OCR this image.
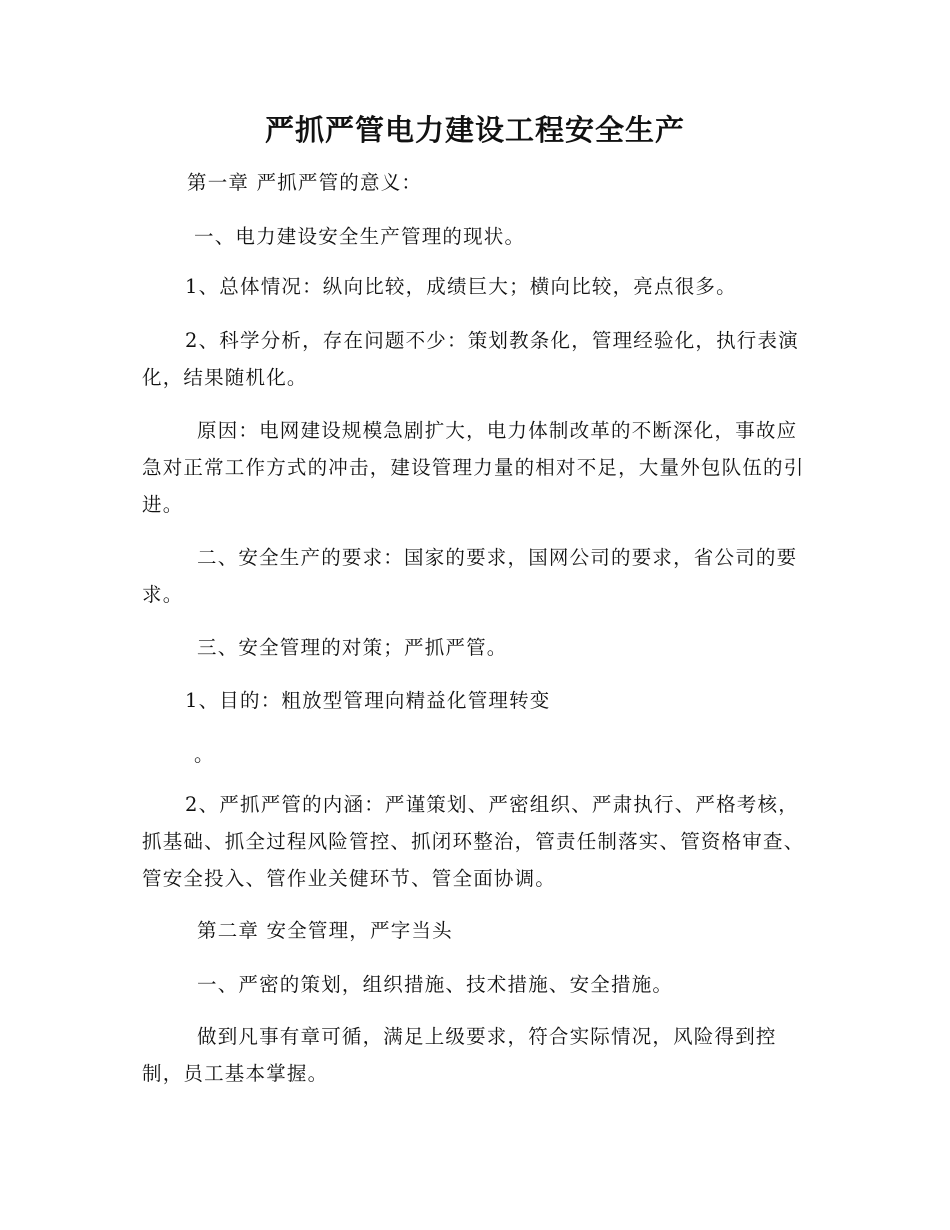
严抓严管电力建设工程安全生产

第一章 严抓严管的意义：

一、电力建设安全生产管理的现状。

1、总体情况：纵向比较，成绩巨大；横向比较，亮点很多。

2、科学分析，存在问题不少：策划教条化，管理经验化，执行表演化，结果随机化。

原因：电网建设规模急剧扩大，电力体制改革的不断深化，事故应急对正常工作方式的冲击，建设管理力量的相对不足，大量外包队伍的引进。

二、安全生产的要求：国家的要求，国网公司的要求，省公司的要求。

三、安全管理的对策；严抓严管。

1、目的：粗放型管理向精益化管理转变

。

2、严抓严管的内涵：严谨策划、严密组织、严肃执行、严格考核，抓基础、抓全过程风险管控、抓闭环整治，管责任制落实、管资格审查、管安全投入、管作业关健环节、管全面协调。

第二章 安全管理，严字当头

一、严密的策划，组织措施、技术措施、安全措施。

做到凡事有章可循，满足上级要求，符合实际情况，风险得到控制，员工基本掌握。
